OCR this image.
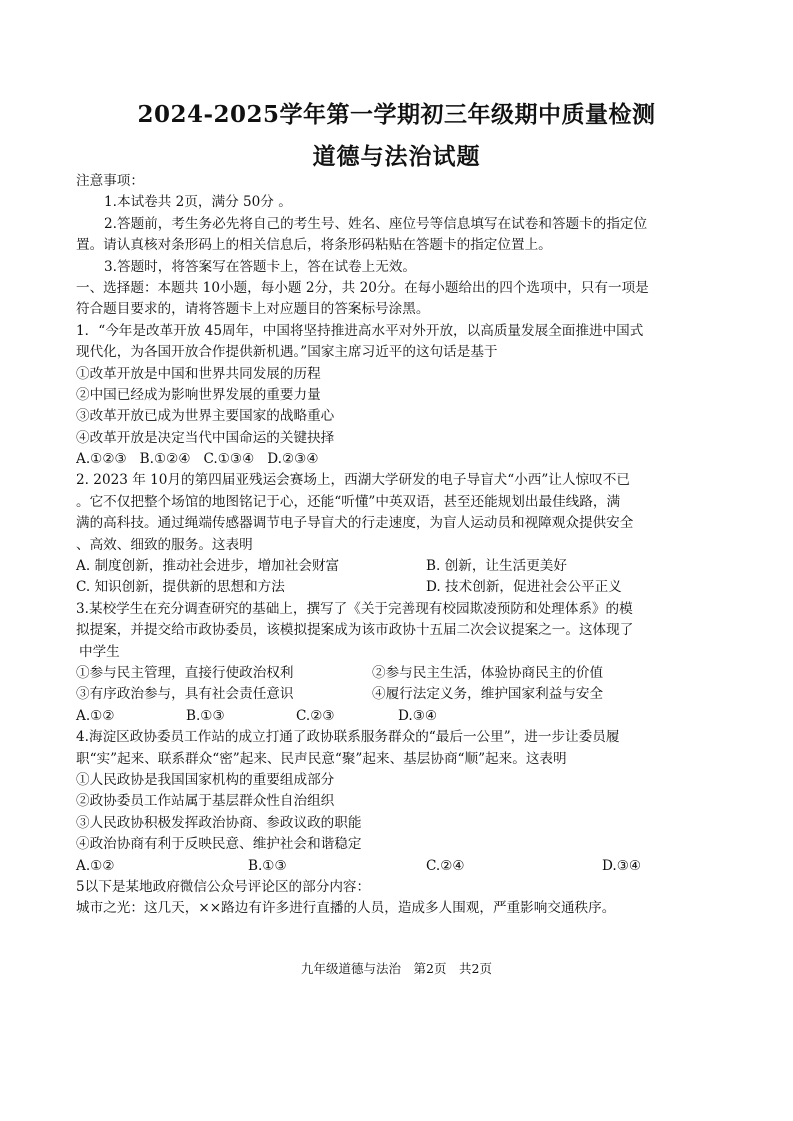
2024-2025学年第一学期初三年级期中质量检测
道德与法治试题
注意事项：
1.本试卷共 2页，满分 50分 。
2.答题前，考生务必先将自己的考生号、姓名、座位号等信息填写在试卷和答题卡的指定位
置。请认真核对条形码上的相关信息后，将条形码粘贴在答题卡的指定位置上。
3.答题时，将答案写在答题卡上，答在试卷上无效。
一、选择题：本题共 10小题，每小题 2分，共 20分。在每小题给出的四个选项中，只有一项是
符合题目要求的，请将答题卡上对应题目的答案标号涂黑。
1．“今年是改革开放 45周年，中国将坚持推进高水平对外开放，以高质量发展全面推进中国式
现代化，为各国开放合作提供新机遇。”国家主席习近平的这句话是基于
①改革开放是中国和世界共同发展的历程
②中国已经成为影响世界发展的重要力量
③改革开放已成为世界主要国家的战略重心
④改革开放是决定当代中国命运的关键抉择
A.①②③   B.①②④   C.①③④   D.②③④
2. 2023 年 10月的第四届亚残运会赛场上，西湖大学研发的电子导盲犬“小西”让人惊叹不已
。它不仅把整个场馆的地图铭记于心，还能“听懂”中英双语，甚至还能规划出最佳线路，满
满的高科技。通过绳端传感器调节电子导盲犬的行走速度，为盲人运动员和视障观众提供安全
、高效、细致的服务。这表明
A. 制度创新，推动社会进步，增加社会财富	B. 创新，让生活更美好
C. 知识创新，提供新的思想和方法	D. 技术创新，促进社会公平正义
3.某校学生在充分调查研究的基础上，撰写了《关于完善现有校园欺凌预防和处理体系》的模
拟提案，并提交给市政协委员，该模拟提案成为该市政协十五届二次会议提案之一。这体现了
中学生
①参与民主管理，直接行使政治权利	②参与民主生活，体验协商民主的价值
③有序政治参与，具有社会责任意识	④履行法定义务，维护国家利益与安全
A.①②	B.①③	C.②③	D.③④
4.海淀区政协委员工作站的成立打通了政协联系服务群众的“最后一公里”，进一步让委员履
职“实”起来、联系群众“密”起来、民声民意“聚”起来、基层协商“顺”起来。这表明
①人民政协是我国国家机构的重要组成部分
②政协委员工作站属于基层群众性自治组织
③人民政协积极发挥政治协商、参政议政的职能
④政治协商有利于反映民意、维护社会和谐稳定
A.①②	B.①③	C.②④	D.③④
5以下是某地政府微信公众号评论区的部分内容：
城市之光：这几天，××路边有许多进行直播的人员，造成多人围观，严重影响交通秩序。
九年级道德与法治　第2页　共2页
